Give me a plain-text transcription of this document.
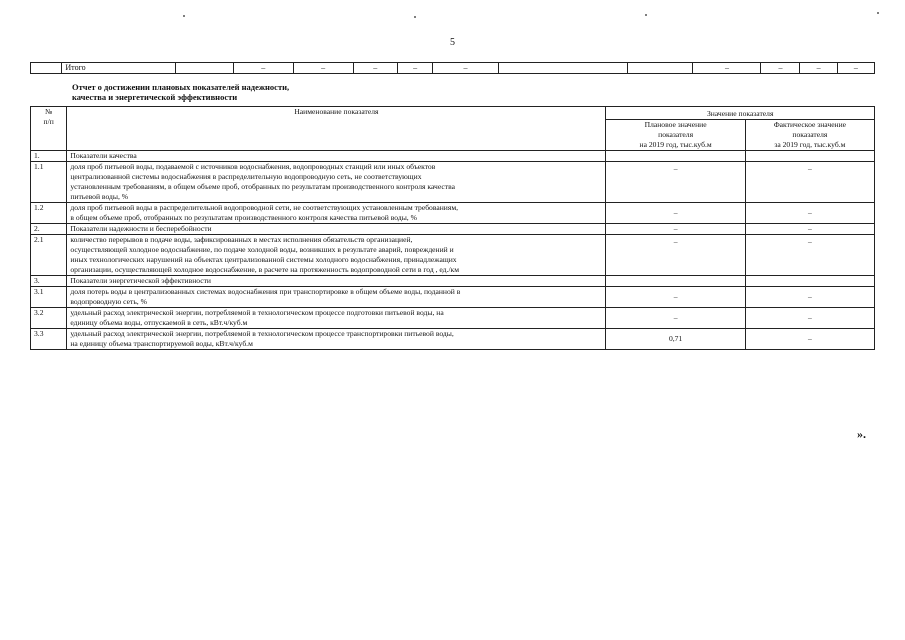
5
	Итого		–	–	–	–	–			–	–	–	–
Отчет о достижении плановых показателей надежности,
качества и энергетической эффективности
№
п/п	Наименование показателя	Значение показателя	
		Плановое значение
показателя
на 2019 год, тыс.куб.м	Фактическое значение
показателя
за 2019 год, тыс.куб.м
1.	Показатели качества		
1.1	доля проб питьевой воды, подаваемой с источников водоснабжения, водопроводных станций или иных объектов
централизованной системы водоснабжения в распределительную водопроводную сеть, не соответствующих
установленным требованиям, в общем объеме проб, отобранных по результатам производственного контроля качества
питьевой воды, %	–	–
1.2	доля проб питьевой воды в распределительной водопроводной сети, не соответствующих установленным требованиям,
в общем объеме проб, отобранных по результатам производственного контроля качества питьевой воды, %	–	–
2.	Показатели надежности и бесперебойности	–	–
2.1	количество перерывов в подаче воды, зафиксированных в местах исполнения обязательств организацией,
осуществляющей холодное водоснабжение, по подаче холодной воды, возникших в результате аварий, повреждений и
иных технологических нарушений на объектах централизованной системы холодного водоснабжения, принадлежащих
организации, осуществляющей холодное водоснабжение, в расчете на протяженность водопроводной сети в год , ед./км	–	–
3.	Показатели энергетической эффективности		
3.1	доля потерь воды в централизованных системах водоснабжения при транспортировке в общем объеме воды, поданной в
водопроводную сеть, %	–	–
3.2	удельный расход электрической энергии, потребляемой в технологическом процессе подготовки питьевой воды, на
единицу объема воды, отпускаемой в сеть, кВт.ч/куб.м	–	–
3.3	удельный расход электрической энергии, потребляемой в технологическом процессе транспортировки питьевой воды,
на единицу объема транспортируемой воды, кВт.ч/куб.м	0,71	–
».
